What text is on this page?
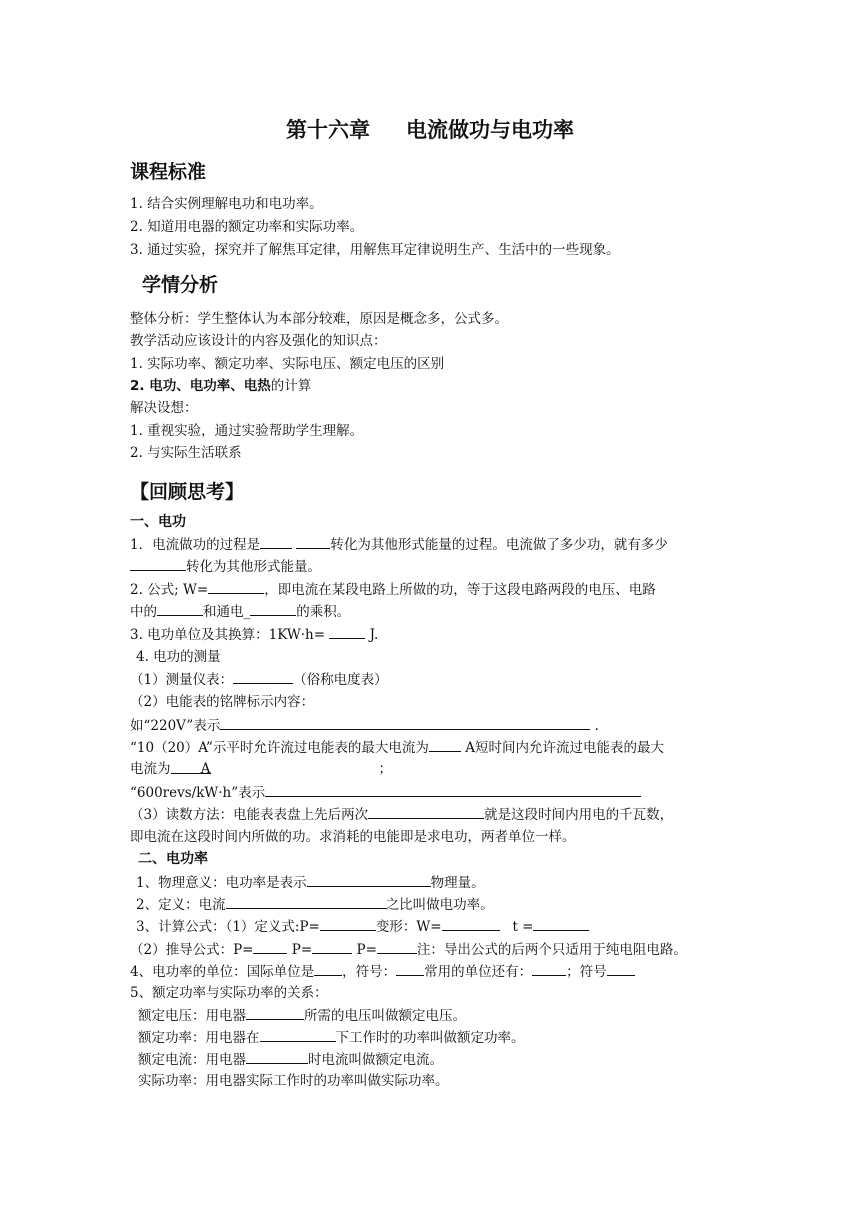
第十六章 电流做功与电功率
课程标准
1. 结合实例理解电功和电功率。
2. 知道用电器的额定功率和实际功率。
3. 通过实验，探究并了解焦耳定律，用解焦耳定律说明生产、生活中的一些现象。
学情分析
整体分析：学生整体认为本部分较难，原因是概念多，公式多。
教学活动应该设计的内容及强化的知识点：
1. 实际功率、额定功率、实际电压、额定电压的区别
2. 电功、电功率、电热的计算
解决设想：
1. 重视实验，通过实验帮助学生理解。
2. 与实际生活联系
【回顾思考】
一、电功
1．电流做功的过程是	转化为其他形式能量的过程。电流做了多少功，就有多少
转化为其他形式能量。
2. 公式; W=	，即电流在某段电路上所做的功，等于这段电路两段的电压、电路
中的	和通电_	的乘积。
3. 电功单位及其换算：1KW·h=	J.
4. 电功的测量
（1）测量仪表：	（俗称电度表）
（2）电能表的铭牌标示内容：
如“220V”表示	.
“10（20）A”示平时允许流过电能表的最大电流为	A短时间内允许流过电能表的最大
电流为 A	；
“600revs/kW·h”表示
（3）读数方法：电能表表盘上先后两次	就是这段时间内用电的千瓦数，
即电流在这段时间内所做的功。求消耗的电能即是求电功，两者单位一样。
二、电功率
1、物理意义：电功率是表示	物理量。
2、定义：电流	之比叫做电功率。
3、计算公式：（1）定义式:P=	变形：W=	t =
（2）推导公式：P=	P=	P=	注：导出公式的后两个只适用于纯电阻电路。
4、电功率的单位：国际单位是 ，符号： 常用的单位还有：	；符号
5、额定功率与实际功率的关系：
额定电压：用电器	所需的电压叫做额定电压。
额定功率：用电器在	下工作时的功率叫做额定功率。
额定电流：用电器	时电流叫做额定电流。
实际功率：用电器实际工作时的功率叫做实际功率。
